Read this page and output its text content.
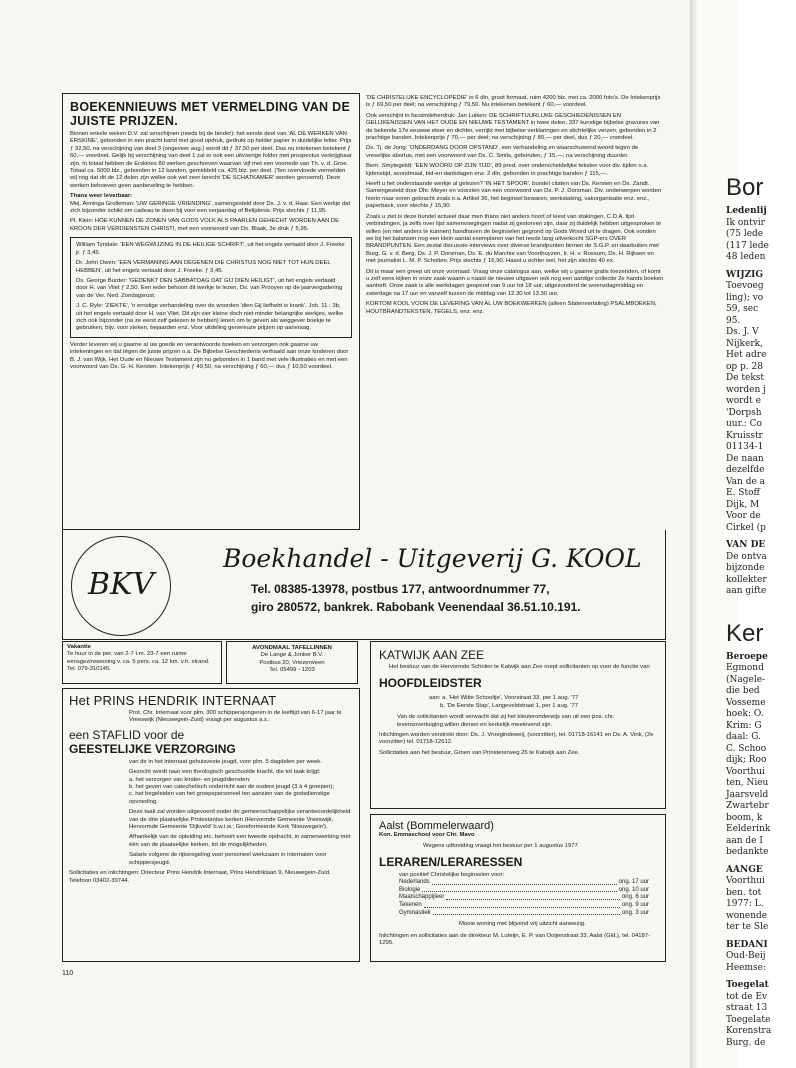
BOEKENNIEUWS MET VERMELDING VAN DE JUISTE PRIJZEN.

Binnen enkele weken D.V. zal verschijnen (reeds bij de binder): het eerste deel van 'AL DE WERKEN VAN ERSKINE', gebonden in een pracht band met goud opdruk, gedrukt op helder papier in duidelijke letter. Prijs ƒ 32,50, na verschijning van deel 3 (ongeveer aug.) wordt dit ƒ 37,50 per deel. Dus nu intekenen betekent ƒ 60,— voordeel. Gelijk bij verschijning van deel 1 zal er ook een uitvoerige folder met prospectus verkrijgbaar zijn. In totaal hebben de Erskines 80 werken geschreven waarvan vijf met een voorrede van Th. v. d. Groe. Totaal ca. 5000 blz., gebonden in 12 banden, gemiddeld ca. 425 blz. per deel. (Ten overvloede vermelden wij nog dat dit de 12 delen zijn welke ook wel zeer terecht 'DE SCHATKAMER' worden genoemd). Deze werken behoeven geen aanbeveling te hebben.

Thans weer leverbaar:

Mej. Anninga Grolleman: 'UW GERINGE VRIENDING', samengesteld door Ds. J. v. d. Haar. Een werkje dat zich bijzonder schikt om cadeau te doen bij voor een verjaardag of Belijdenis. Prijs slechts ƒ 11,95.

Pl. Klein: HOE KUNNEN DE ZONEN VAN GODS VOLK ALS PAARLEN GEHECHT WORDEN AAN DE KROON DER VERDIENSTEN CHRISTI, met een voorwoord van Ds. Blaak, 3e druk ƒ 5,95.

William Tyndale: 'EEN WEGWIJZING IN DE HEILIGE SCHRIFT', uit het engels vertaald door J. Freeke jr. ƒ 3,45.

Dr. John Owen: 'EEN VERMANING AAN DEGENEN DIE CHRISTUS NOG NIET TOT HUN DEEL HEBBEN', uit het engels vertaald door J. Freeke. ƒ 3,45.

Ds. George Burder: 'GEDENKT DEN SABBATDAG DAT GIJ DIEN HEILIGT', uit het engels vertaald door H. van Vliet ƒ 2,50. Een ieder behoort dit werkje te lezen, Ds. van Prooyen op de jaarvergadering van de Ver. Ned. Zondagsrust.

J. C. Ryle: 'ZIEKTE', 'n ernstige verhandeling over de woorden 'dien Gij liefhebt is krank'. Joh. 11 : 3b, uit het engels vertaald door H. van Vliet. Dit zijn vier kleine doch niet minder belangrijke werkjes, welke zich ook bijzonder (na ze eerst zelf gelezen te hebben) lenen om te geven als weggever boekje te gebruiken, bijv. voor zieken, bejaarden enz. Voor uitdeling genereuze prijzen op aanvraag.

Verder leveren wij u gaarne al uw goede en verantwoorde boeken en verzorgen ook gaarne uw intekeningen en dat tégen de juiste prijzen o.a. De Bijbelse Geschiedenis verhaald aan onze kinderen door B. J. van Wijk. Het Oude en Nieuwe Testament zijn nu gebonden in 1 band met vele illustraties en met een voorwoord van Ds. G. H. Kersten. Intekenprijs ƒ 49,50, na verschijning ƒ 60,— dus ƒ 10,50 voordeel.

'DE CHRISTELIJKE ENCYCLOPEDIE' in 6 dln, groot formaat, ruim 4200 blz. met ca. 2000 foto's. De Intekenprijs is ƒ 69,50 per deel; na verschijning ƒ 79,50. Nu intekenen betekent ƒ 60,— voordeel.

Ook verschijnt in facsimileherdruk: Jan Luiken: DE SCHRIFTUURLIJKE GESCHIEDENISSEN EN GELIJKENISSEN VAN HET OUDE EN NIEUWE TESTAMENT in twee delen, 337 kunstige bijbelse gravures van de bekende 17e eeuwse etser en dichter, verrijkt met bijbelse verklaringen en stichtelijke verzen, gebonden in 2 prachtige banden. Intekenprijs ƒ 70,— per deel; na verschijning ƒ 80,— per deel, dus ƒ 20,— voordeel.

Ds. Tj. de Jong: 'ONDERDANG DOOR OPSTAND', een verhandeling en waarschuwend woord tegen de vreselijke abortus, met een voorwoord van Ds. C. Smits, gebonden, ƒ 15,—; na verschijning duurder.

Bern. Smytegeldt: 'EEN WOORD OP ZIJN TIJD', 89 pred. over onderscheidelijke teksten voor div. tijden o.a. lijdenstijd, avondmaal, bid-en dankdagen enz. 2 dln. gebonden in prachtige banden ƒ 115,—.

Heeft u het onderstaande werkje al gelezen? 'IN HET SPOOR', bundel citaten van Ds. Kersten en Ds. Zandt. Samengesteld door Dhr. Meyer en voorzien van een voorwoord van Ds. P. J. Dorsman. Div. onderwerpen worden hierin naar voren gebracht zoals o.a. Artikel 36, het beginsel bewaren, werkstaking, vakorganisatie enz. enz., paperback, voor slechts ƒ 15,90.

Zoals u ziet is deze bundel actueel daar men thans niet anders hoort of leest van stakingen, C.D.A. lijst verbindingen, ja zelfs over lijst samenvoegingen nadat zij gestorven zijn, daar zij duidelijk hebben uitgesproken te willen (en niet anders te kunnen) handhaven de beginselen gegrond op Gods Woord uit te dragen. Ook vonden we bij het balansen nog een klein aantal exemplaren van het reeds lang uitverkocht SGP-ers OVER BRANDPUNTEN. Een zestal discussie-interviews over diverse brandpunten binnen de S.G.P. en daarbuiten met Burg. G. v. d. Berg, Ds. J. P. Dorsman, Ds. E. du Marchie van Voorthuyzen, Ir. H. v. Rossum, Ds. H. Rijksen en met journalist L. M. P. Scholten. Prijs slechts ƒ 16,90. Haast u echter wel, het zijn slechts 40 ex.

Dit is maar een greep uit onze voorraad. Vraag onze catalogus aan, welke wij u gaarne gratis toezenden, of komt u zelf eens kijken in onze zaak waarin u naast de nieuwe uitgaven ook nog een aardige collectie 2e hands boeken aantreft. Onze zaak is alle werkdagen geopend van 9 uur tot 18 uur, uitgezonderd de woensdagmiddag en zaterdags na 17 uur en vanzelf tussen de middag van 12.30 tot 13.30 uur.

KORTOM KOOL VOOR DE LEVERING VAN AL UW BOEKWERKEN (alleen Statenvertaling) PSALMBOEKEN, HOUTBRANDTEKSTEN, TEGELS, enz. enz.

BKV
Boekhandel - Uitgeverij G. KOOL
Tel. 08385-13978, postbus 177, antwoordnummer 77,
giro 280572, bankrek. Rabobank Veenendaal 36.51.10.191.
Vakantie
Te huur in de per. van 2-7 t.m. 23-7 een ruime eensgezinswoning v. ca. 5 pers. ca. 12 km. v.h. strand. Tel. 079-310145.
AVONDMAAL TAFELLINNEN
De Lange & Jonker B.V.
Postbus 20, Vriezenveen
Tel. 05499 - 1203
Het PRINS HENDRIK INTERNAAT
Prot. Chr. Internaat voor plm. 300 schippersjongeren in de leeftijd van 6-17 jaar te Vreeswijk (Nieuwegein-Zuid) vraagt per augustus a.s.:
een STAFLID voor de
GEESTELIJKE VERZORGING

van de in het internaat gehuisveste jeugd, voor plm. 5 dagdelen per week.

Gezocht wordt naar een theologisch geschoolde kracht, die tot taak krijgt:

a. het verzorgen van kinder- en jeugddiensten;

b. het geven van catechetisch onderricht aan de oudere jeugd (3 à 4 groepen);

c. het begeleiden van het groepspersoneel ten aanzien van de godsdienstige opvoeding.

Deze taak zal worden uitgevoerd onder de gemeenschappelijke verantwoordelijkheid van de drie plaatselijke Protestantse kerken (Hervormde Gemeente Vreeswijk; Hervormde Gemeente 'Dijkveld' b.w.i.w.; Gereformeerde Kerk 'Nieuwegein').

Afhankelijk van de opleiding etc. behoort een tweede opdracht, in samenwerking met één van de plaatselijke kerken, tot de mogelijkheden.

Salaris volgens de rijksregeling voor personeel werkzaam in internaten voor schippersjeugd.

Sollicitaties en inlichtingen: Directeur Prins Hendrik Internaat, Prins Hendriklaan 9, Nieuwegein-Zuid. Telefoon 03402-39744.
KATWIJK AAN ZEE
Het bestuur van de Hervormde Scholen te Katwijk aan Zee roept sollicitanten op voor de functie van
HOOFDLEIDSTER
aan: a. 'Het Witte Schooltje', Voorstraat 33, per 1 aug. '77
b. 'De Eerste Stap', Langeveldstraat 1, per 1 aug. '77

Van de sollicitanten wordt verwacht dat zij het kleuteronderwijs van uit een pos. chr. levensovertuiging willen dienen en kerkelijk meelevend zijn.

Inlichtingen worden verstrekt door: Ds. J. Vroegindeweij, (voorzitter), tel. 01718-16141 en Ds. A. Vink, (2e voorzitter) tel. 01718-12612.

Sollicitaties aan het bestuur, Groen van Prinstererweg 25 te Katwijk aan Zee.

Aalst (Bommelerwaard)
Kon. Emmaschool voor Chr. Mavo
Wegens uitbreiding vraagt het bestuur per 1 augustus 1977
LERAREN/LERARESSEN
van positief Christelijke beginselen voor:
Nederlands	ong. 17 uur
Biologie	ong. 10 uur
Maatschappijleer	ong. 6 uur
Tekenen	ong. 9 uur
Gymnastiek	ong. 3 uur
Mooie woning met blijvend vrij uitzicht aanwezig.
Inlichtingen en sollicitaties aan de direkteur M. Luteijn, E. P. van Ooijenstraat 33, Aalst (Gld.), tel. 04187-1295.
110
Bor
Ledenlij
Ik ontvir
(75 lede
(117 lede
48 leden
WIJZIG
Toevoeg
ling); vo
59, sec
95.
Ds. J. V
Nijkerk,
Het adre
op p. 28
De tekst
worden j
wordt e
'Dorpsh
uur.: Co
Kruisstr
01134-1
De naan
dezelfde
Van de a
E. Stoff
Dijk, M
Voor de
Cirkel (p
VAN DE
De ontva
bijzonde
kollekter
aan gifte
Ker
Beroepe
Egmond
(Nagele-
die bed
Vosseme
hoek: O.
Krim: G
daal: G.
C. Schoo
dijk; Roo
Voorthui
ten, Nieu
Jaarsveld
Zwartebr
boom, k
Eelderink
aan de I
bedankte
AANGE
Voorthui
ben. tot
1977: L.
wonende
ter te Sle
BEDANI
Oud-Beij
Heemse:
Toegelat
tot de Ev
straat 13
Toegelate
Korenstra
Burg. de
